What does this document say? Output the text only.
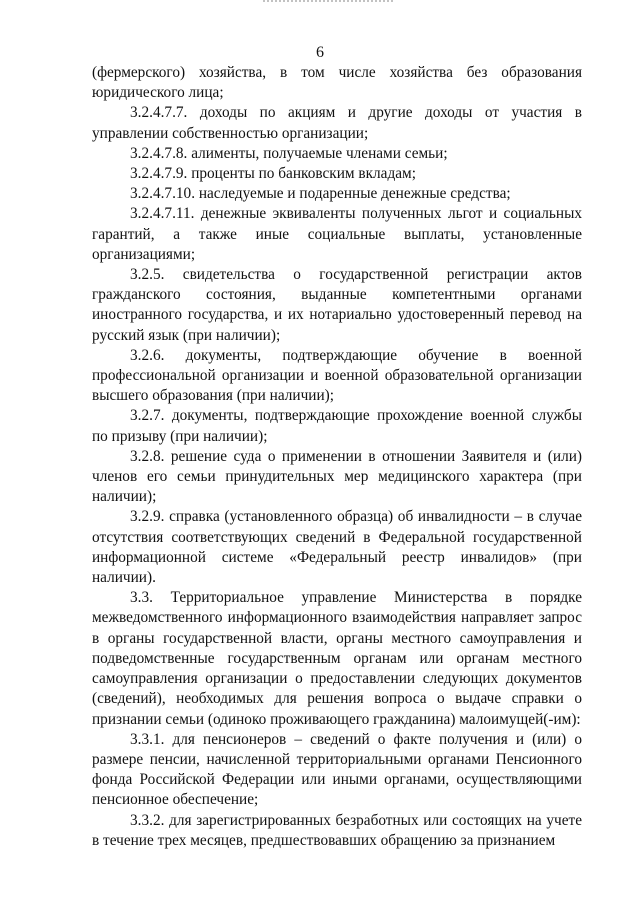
6

(фермерского) хозяйства, в том числе хозяйства без образования юридического лица;

3.2.4.7.7. доходы по акциям и другие доходы от участия в управлении собственностью организации;

3.2.4.7.8. алименты, получаемые членами семьи;

3.2.4.7.9. проценты по банковским вкладам;

3.2.4.7.10. наследуемые и подаренные денежные средства;

3.2.4.7.11. денежные эквиваленты полученных льгот и социальных гарантий, а также иные социальные выплаты, установленные организациями;

3.2.5. свидетельства о государственной регистрации актов гражданского состояния, выданные компетентными органами иностранного государства, и их нотариально удостоверенный перевод на русский язык (при наличии);

3.2.6. документы, подтверждающие обучение в военной профессиональной организации и военной образовательной организации высшего образования (при наличии);

3.2.7. документы, подтверждающие прохождение военной службы по призыву (при наличии);

3.2.8. решение суда о применении в отношении Заявителя и (или) членов его семьи принудительных мер медицинского характера (при наличии);

3.2.9. справка (установленного образца) об инвалидности – в случае отсутствия соответствующих сведений в Федеральной государственной информационной системе «Федеральный реестр инвалидов» (при наличии).

3.3. Территориальное управление Министерства в порядке межведомственного информационного взаимодействия направляет запрос в органы государственной власти, органы местного самоуправления и подведомственные государственным органам или органам местного самоуправления организации о предоставлении следующих документов (сведений), необходимых для решения вопроса о выдаче справки о признании семьи (одиноко проживающего гражданина) малоимущей(-им):

3.3.1. для пенсионеров – сведений о факте получения и (или) о размере пенсии, начисленной территориальными органами Пенсионного фонда Российской Федерации или иными органами, осуществляющими пенсионное обеспечение;

3.3.2. для зарегистрированных безработных или состоящих на учете в течение трех месяцев, предшествовавших обращению за признанием
